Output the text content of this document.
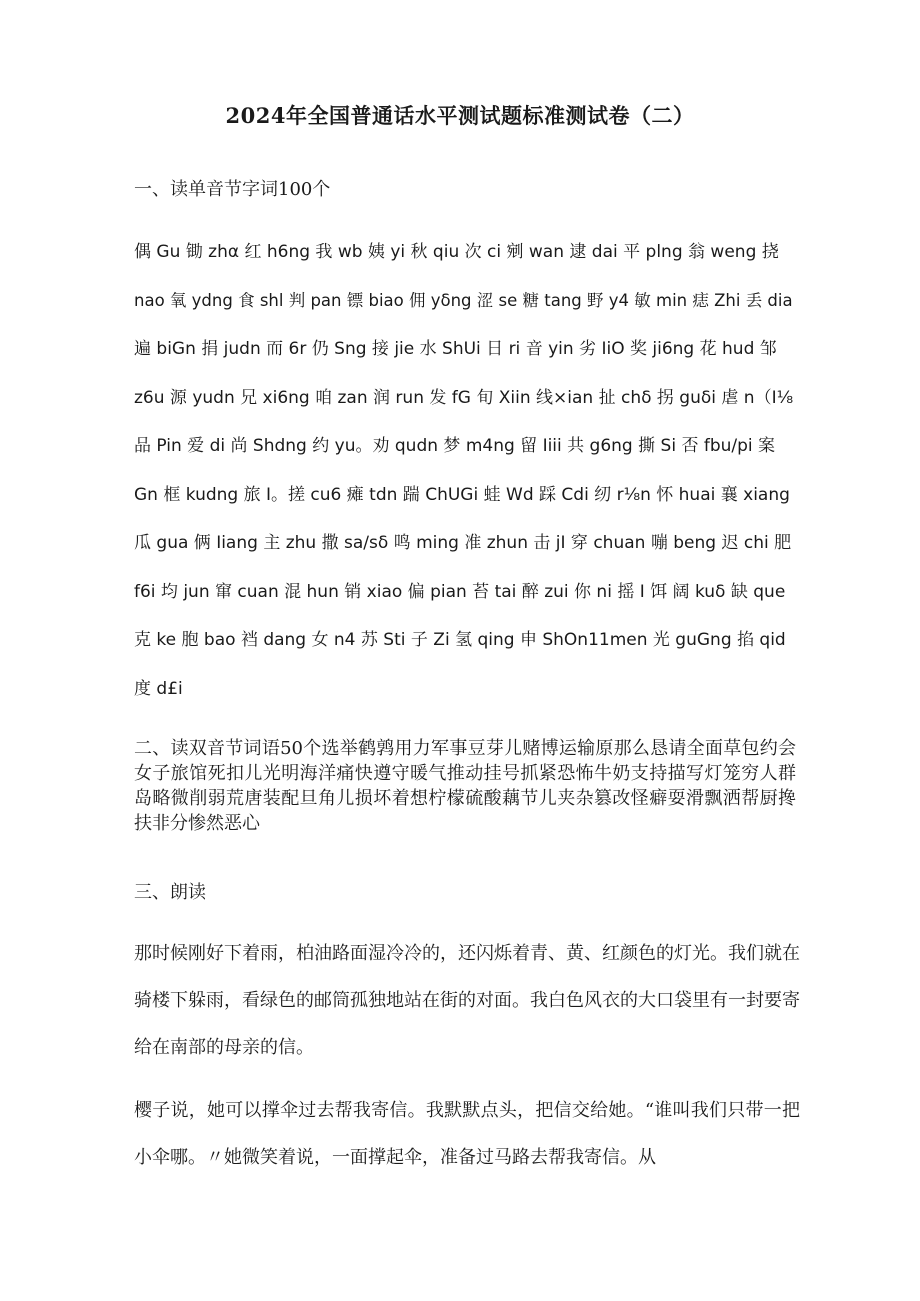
2024年全国普通话水平测试题标准测试卷（二）
一、读单音节字词100个
偶 Gu 锄 zhα 红 h6ng 我 wb 姨 yi 秋 qiu 次 ci 剜 wan 逮 dai 平 plng 翁 weng 挠
nao 氧 ydng 食 shl 判 pan 镖 biao 佣 yδng 涩 se 糖 tang 野 y4 敏 min 痣 Zhi 丢 dia
遍 biGn 捐 judn 而 6r 仍 Sng 接 jie 水 ShUi 日 ri 音 yin 劣 IiO 奖 ji6ng 花 hud 邹
z6u 源 yudn 兄 xi6ng 咱 zan 润 run 发 fG 旬 Xiin 线×ian 扯 chδ 拐 guδi 虐 n（I⅛
品 Pin 爱 di 尚 Shdng 约 yu。劝 qudn 梦 m4ng 留 Iiii 共 g6ng 撕 Si 否 fbu/pi 案
Gn 框 kudng 旅 I。搓 cu6 瘫 tdn 踹 ChUGi 蛙 Wd 踩 Cdi 纫 r⅛n 怀 huai 襄 xiang
瓜 gua 俩 Iiang 主 zhu 撒 sa∕sδ 鸣 ming 准 zhun 击 jI 穿 chuan 嘣 beng 迟 chi 肥
f6i 均 jun 窜 cuan 混 hun 销 xiao 偏 pian 苔 tai 醉 zui 你 ni 摇 I 饵 阔 kuδ 缺 que
克 ke 胞 bao 裆 dang 女 n4 苏 Sti 子 Zi 氢 qing 申 ShOn11men 光 guGng 掐 qid
度 d£i

二、读双音节词语50个选举鹤鹑用力军事豆芽儿赌博运输原那么恳请全面草包约会女子旅馆死扣儿光明海洋痛快遵守暖气推动挂号抓紧恐怖牛奶支持描写灯笼穷人群岛略微削弱荒唐装配旦角儿损坏着想柠檬硫酸藕节儿夹杂篡改怪癖耍滑飘洒帮厨搀扶非分惨然恶心

三、朗读

那时候刚好下着雨，柏油路面湿冷冷的，还闪烁着青、黄、红颜色的灯光。我们就在骑楼下躲雨，看绿色的邮筒孤独地站在街的对面。我白色风衣的大口袋里有一封要寄给在南部的母亲的信。

樱子说，她可以撑伞过去帮我寄信。我默默点头，把信交给她。“谁叫我们只带一把小伞哪。〃她微笑着说，一面撑起伞，准备过马路去帮我寄信。从
